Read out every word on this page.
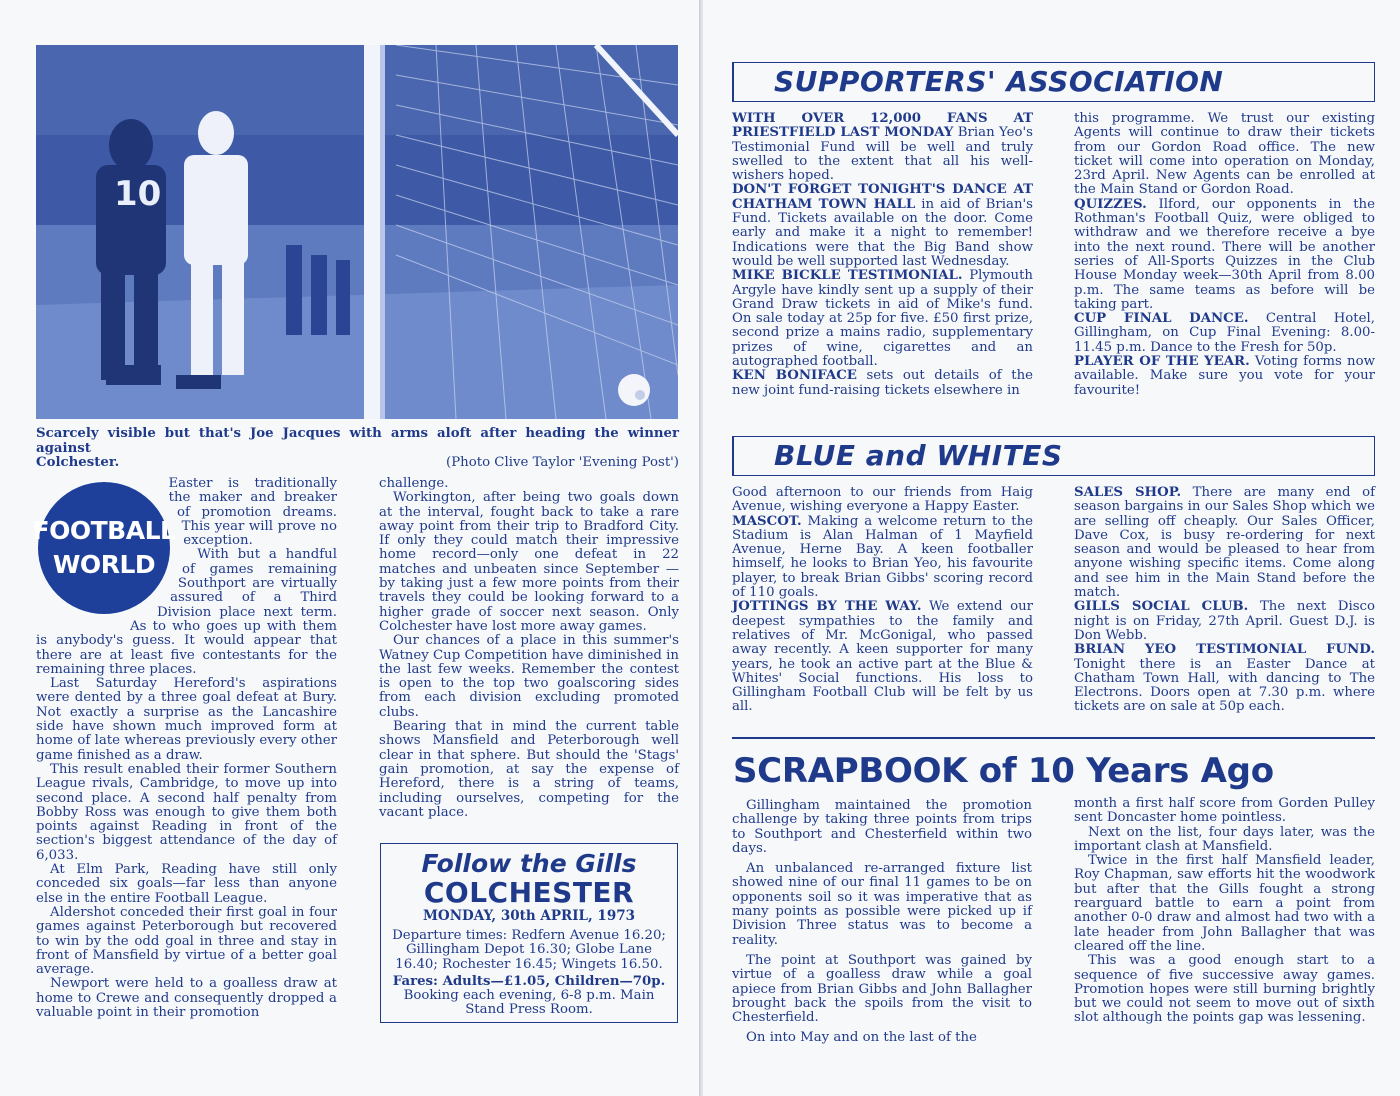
10
Scarcely visible but that's Joe Jacques with arms aloft after heading the winner against
Colchester.	(Photo Clive Taylor 'Evening Post')
FOOTBALL
WORLD

Easter is traditionally the maker and breaker of promotion dreams. This year will prove no exception.

With but a handful of games remaining Southport are virtually assured of a Third Division place next term. As to who goes up with them is anybody's guess. It would appear that there are at least five contestants for the remaining three places.

Last Saturday Hereford's aspirations were dented by a three goal defeat at Bury. Not exactly a surprise as the Lancashire side have shown much improved form at home of late whereas previously every other game finished as a draw.

This result enabled their former Southern League rivals, Cambridge, to move up into second place. A second half penalty from Bobby Ross was enough to give them both points against Reading in front of the section's biggest attendance of the day of 6,033.

At Elm Park, Reading have still only conceded six goals—far less than anyone else in the entire Football League.

Aldershot conceded their first goal in four games against Peterborough but recovered to win by the odd goal in three and stay in front of Mansfield by virtue of a better goal average.

Newport were held to a goalless draw at home to Crewe and consequently dropped a valuable point in their promotion

challenge.

Workington, after being two goals down at the interval, fought back to take a rare away point from their trip to Bradford City. If only they could match their impressive home record—only one defeat in 22 matches and unbeaten since September —by taking just a few more points from their travels they could be looking forward to a higher grade of soccer next season. Only Colchester have lost more away games.

Our chances of a place in this summer's Watney Cup Competition have diminished in the last few weeks. Remember the contest is open to the top two goalscoring sides from each division excluding promoted clubs.

Bearing that in mind the current table shows Mansfield and Peterborough well clear in that sphere. But should the 'Stags' gain promotion, at say the expense of Hereford, there is a string of teams, including ourselves, competing for the vacant place.

Follow the Gills
COLCHESTER
MONDAY, 30th APRIL, 1973

Departure times: Redfern Avenue 16.20; Gillingham Depot 16.30; Globe Lane 16.40; Rochester 16.45; Wingets 16.50.

Fares: Adults—£1.05, Children—70p.

Booking each evening, 6-8 p.m. Main Stand Press Room.

SUPPORTERS' ASSOCIATION

WITH OVER 12,000 FANS AT PRIESTFIELD LAST MONDAY Brian Yeo's Testimonial Fund will be well and truly swelled to the extent that all his well-wishers hoped.

DON'T FORGET TONIGHT'S DANCE AT CHATHAM TOWN HALL in aid of Brian's Fund. Tickets available on the door. Come early and make it a night to remember! Indications were that the Big Band show would be well supported last Wednesday.

MIKE BICKLE TESTIMONIAL. Plymouth Argyle have kindly sent up a supply of their Grand Draw tickets in aid of Mike's fund. On sale today at 25p for five. £50 first prize, second prize a mains radio, supplementary prizes of wine, cigarettes and an autographed football.

KEN BONIFACE sets out details of the new joint fund-raising tickets elsewhere in

this programme. We trust our existing Agents will continue to draw their tickets from our Gordon Road office. The new ticket will come into operation on Monday, 23rd April. New Agents can be enrolled at the Main Stand or Gordon Road.

QUIZZES. Ilford, our opponents in the Rothman's Football Quiz, were obliged to withdraw and we therefore receive a bye into the next round. There will be another series of All-Sports Quizzes in the Club House Monday week—30th April from 8.00 p.m. The same teams as before will be taking part.

CUP FINAL DANCE. Central Hotel, Gillingham, on Cup Final Evening: 8.00-11.45 p.m. Dance to the Fresh for 50p.

PLAYER OF THE YEAR. Voting forms now available. Make sure you vote for your favourite!

BLUE and WHITES

Good afternoon to our friends from Haig Avenue, wishing everyone a Happy Easter.

MASCOT. Making a welcome return to the Stadium is Alan Halman of 1 Mayfield Avenue, Herne Bay. A keen footballer himself, he looks to Brian Yeo, his favourite player, to break Brian Gibbs' scoring record of 110 goals.

JOTTINGS BY THE WAY. We extend our deepest sympathies to the family and relatives of Mr. McGonigal, who passed away recently. A keen supporter for many years, he took an active part at the Blue & Whites' Social functions. His loss to Gillingham Football Club will be felt by us all.

SALES SHOP. There are many end of season bargains in our Sales Shop which we are selling off cheaply. Our Sales Officer, Dave Cox, is busy re-ordering for next season and would be pleased to hear from anyone wishing specific items. Come along and see him in the Main Stand before the match.

GILLS SOCIAL CLUB. The next Disco night is on Friday, 27th April. Guest D.J. is Don Webb.

BRIAN YEO TESTIMONIAL FUND. Tonight there is an Easter Dance at Chatham Town Hall, with dancing to The Electrons. Doors open at 7.30 p.m. where tickets are on sale at 50p each.

SCRAPBOOK of 10 Years Ago

Gillingham maintained the promotion challenge by taking three points from trips to Southport and Chesterfield within two days.

An unbalanced re-arranged fixture list showed nine of our final 11 games to be on opponents soil so it was imperative that as many points as possible were picked up if Division Three status was to become a reality.

The point at Southport was gained by virtue of a goalless draw while a goal apiece from Brian Gibbs and John Ballagher brought back the spoils from the visit to Chesterfield.

On into May and on the last of the

month a first half score from Gorden Pulley sent Doncaster home pointless.

Next on the list, four days later, was the important clash at Mansfield.

Twice in the first half Mansfield leader, Roy Chapman, saw efforts hit the woodwork but after that the Gills fought a strong rearguard battle to earn a point from another 0-0 draw and almost had two with a late header from John Ballagher that was cleared off the line.

This was a good enough start to a sequence of five successive away games. Promotion hopes were still burning brightly but we could not seem to move out of sixth slot although the points gap was lessening.
